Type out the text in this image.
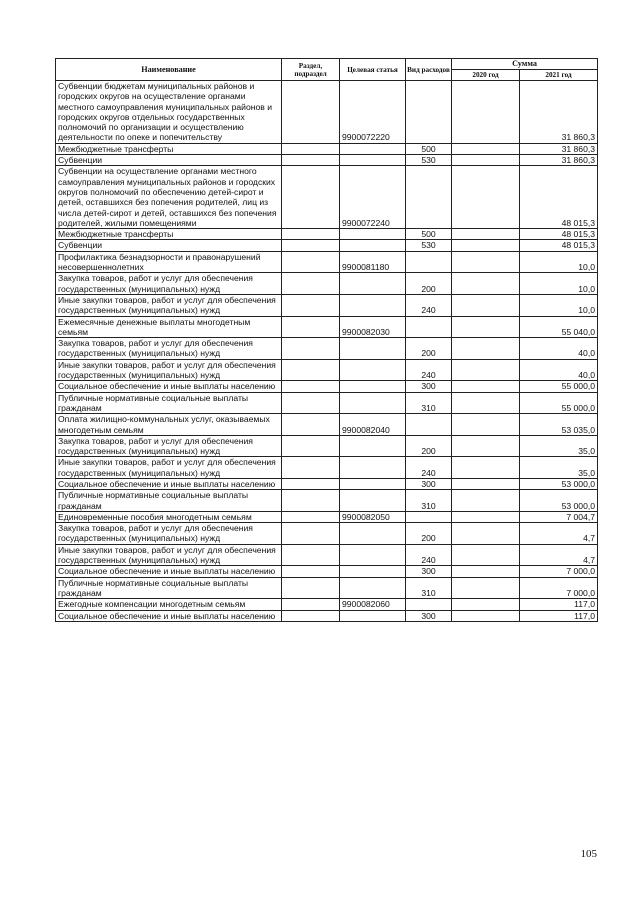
Наименование	Раздел, подраздел	Целевая статья	Вид расходов	Сумма	
				2020 год	2021 год
Субвенции бюджетам муниципальных районов и городских округов на осуществление органами местного самоуправления муниципальных районов и городских округов отдельных государственных полномочий по организации и осуществлению деятельности по опеке и попечительству		9900072220			31 860,3
Межбюджетные трансферты			500		31 860,3
Субвенции			530		31 860,3
Субвенции на осуществление органами местного самоуправления муниципальных районов и городских округов полномочий по обеспечению детей-сирот и детей, оставшихся без попечения родителей, лиц из числа детей-сирот и детей, оставшихся без попечения родителей, жилыми помещениями		9900072240			48 015,3
Межбюджетные трансферты			500		48 015,3
Субвенции			530		48 015,3
Профилактика безнадзорности и правонарушений несовершеннолетних		9900081180			10,0
Закупка товаров, работ и услуг для обеспечения государственных (муниципальных) нужд			200		10,0
Иные закупки товаров, работ и услуг для обеспечения государственных (муниципальных) нужд			240		10,0
Ежемесячные денежные выплаты многодетным семьям		9900082030			55 040,0
Закупка товаров, работ и услуг для обеспечения государственных (муниципальных) нужд			200		40,0
Иные закупки товаров, работ и услуг для обеспечения государственных (муниципальных) нужд			240		40,0
Социальное обеспечение и иные выплаты населению			300		55 000,0
Публичные нормативные социальные выплаты гражданам			310		55 000,0
Оплата жилищно-коммунальных услуг, оказываемых многодетным семьям		9900082040			53 035,0
Закупка товаров, работ и услуг для обеспечения государственных (муниципальных) нужд			200		35,0
Иные закупки товаров, работ и услуг для обеспечения государственных (муниципальных) нужд			240		35,0
Социальное обеспечение и иные выплаты населению			300		53 000,0
Публичные нормативные социальные выплаты гражданам			310		53 000,0
Единовременные пособия многодетным семьям		9900082050			7 004,7
Закупка товаров, работ и услуг для обеспечения государственных (муниципальных) нужд			200		4,7
Иные закупки товаров, работ и услуг для обеспечения государственных (муниципальных) нужд			240		4,7
Социальное обеспечение и иные выплаты населению			300		7 000,0
Публичные нормативные социальные выплаты гражданам			310		7 000,0
Ежегодные компенсации многодетным семьям		9900082060			117,0
Социальное обеспечение и иные выплаты населению			300		117,0
105
